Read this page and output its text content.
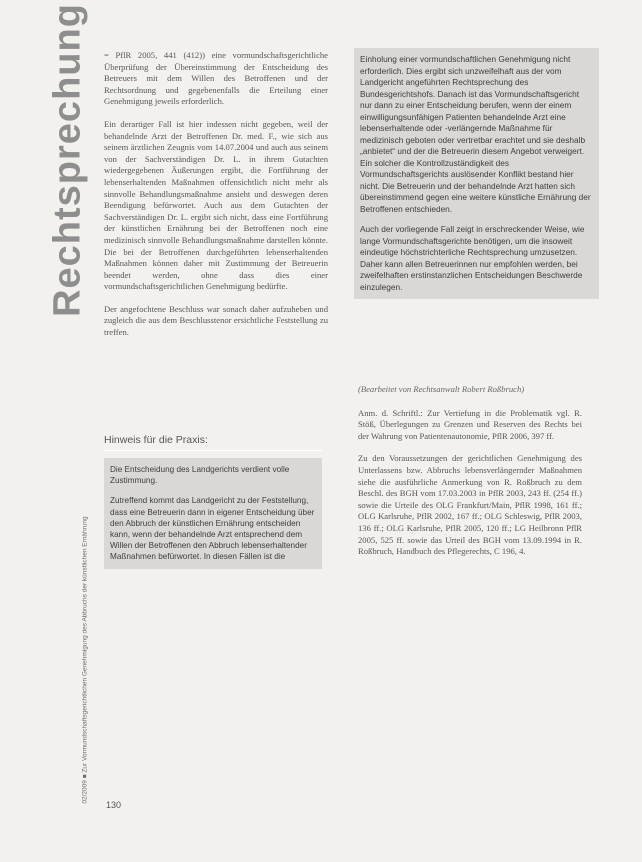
Rechtsprechung
02/2009 ■ Zur Vormundschaftsgerichtlichen Genehmigung des Abbruchs der künstlichen Ernährung

= PflR 2005, 441 (412)) eine vormundschaftsgerichtliche Überprüfung der Übereinstimmung der Entscheidung des Betreuers mit dem Willen des Betroffenen und der Rechtsordnung und gegebenenfalls die Erteilung einer Genehmigung jeweils erforderlich.

Ein derartiger Fall ist hier indessen nicht gegeben, weil der behandelnde Arzt der Betroffenen Dr. med. F., wie sich aus seinem ärztlichen Zeugnis vom 14.07.2004 und auch aus seinem von der Sachverständigen Dr. L. in ihrem Gutachten wiedergegebenen Äußerungen ergibt, die Fortführung der lebenserhaltenden Maßnahmen offensichtlich nicht mehr als sinnvolle Behandlungsmaßnahme ansieht und deswegen deren Beendigung befürwortet. Auch aus dem Gutachten der Sachverständigen Dr. L. ergibt sich nicht, dass eine Fortführung der künstlichen Ernährung bei der Betroffenen noch eine medizinisch sinnvolle Behandlungsmaßnahme darstellen könnte. Die bei der Betroffenen durchgeführten lebenserhaltenden Maßnahmen können daher mit Zustimmung der Betreuerin beendet werden, ohne dass dies einer vormundschaftsgerichtlichen Genehmigung bedürfte.

Der angefochtene Beschluss war sonach daher aufzuheben und zugleich die aus dem Beschlusstenor ersichtliche Feststellung zu treffen.

Hinweis für die Praxis:

Die Entscheidung des Landgerichts verdient volle Zustimmung.

Zutreffend kommt das Landgericht zu der Feststellung, dass eine Betreuerin dann in eigener Entscheidung über den Abbruch der künstlichen Ernährung entscheiden kann, wenn der behandelnde Arzt entsprechend dem Willen der Betroffenen den Abbruch lebenserhaltender Maßnahmen befürwortet. In diesen Fällen ist die

Einholung einer vormundschaftlichen Genehmigung nicht erforderlich. Dies ergibt sich unzweifelhaft aus der vom Landgericht angeführten Rechtsprechung des Bundesgerichtshofs. Danach ist das Vormundschaftsgericht nur dann zu einer Entscheidung berufen, wenn der einem einwilligungsunfähigen Patienten behandelnde Arzt eine lebenserhaltende oder -verlängernde Maßnahme für medizinisch geboten oder vertretbar erachtet und sie deshalb „anbietet“ und der die Betreuerin diesem Angebot verweigert. Ein solcher die Kontrollzuständigkeit des Vormundschaftsgerichts auslösender Konflikt bestand hier nicht. Die Betreuerin und der behandelnde Arzt hatten sich übereinstimmend gegen eine weitere künstliche Ernährung der Betroffenen entschieden.

Auch der vorliegende Fall zeigt in erschreckender Weise, wie lange Vormundschaftsgerichte benötigen, um die insoweit eindeutige höchstrichterliche Rechtsprechung umzusetzen. Daher kann allen Betreuerinnen nur empfohlen werden, bei zweifelhaften erstinstanzlichen Entscheidungen Beschwerde einzulegen.

(Bearbeitet von Rechtsanwalt Robert Roßbruch)

Anm. d. Schriftl.: Zur Vertiefung in die Problematik vgl. R. Stöß, Überlegungen zu Grenzen und Reserven des Rechts bei der Wahrung von Patientenautonomie, PflR 2006, 397 ff.

Zu den Voraussetzungen der gerichtlichen Genehmigung des Unterlassens bzw. Abbruchs lebensverlängernder Maßnahmen siehe die ausführliche Anmerkung von R. Roßbruch zu dem Beschl. des BGH vom 17.03.2003 in PflR 2003, 243 ff. (254 ff.) sowie die Urteile des OLG Frankfurt/Main, PflR 1998, 161 ff.; OLG Karlsruhe, PflR 2002, 167 ff.; OLG Schleswig, PflR 2003, 136 ff.; OLG Karlsruhe, PflR 2005, 120 ff.; LG Heilbronn PflR 2005, 525 ff. sowie das Urteil des BGH vom 13.09.1994 in R. Roßbruch, Handbuch des Pflegerechts, C 196, 4.

130
